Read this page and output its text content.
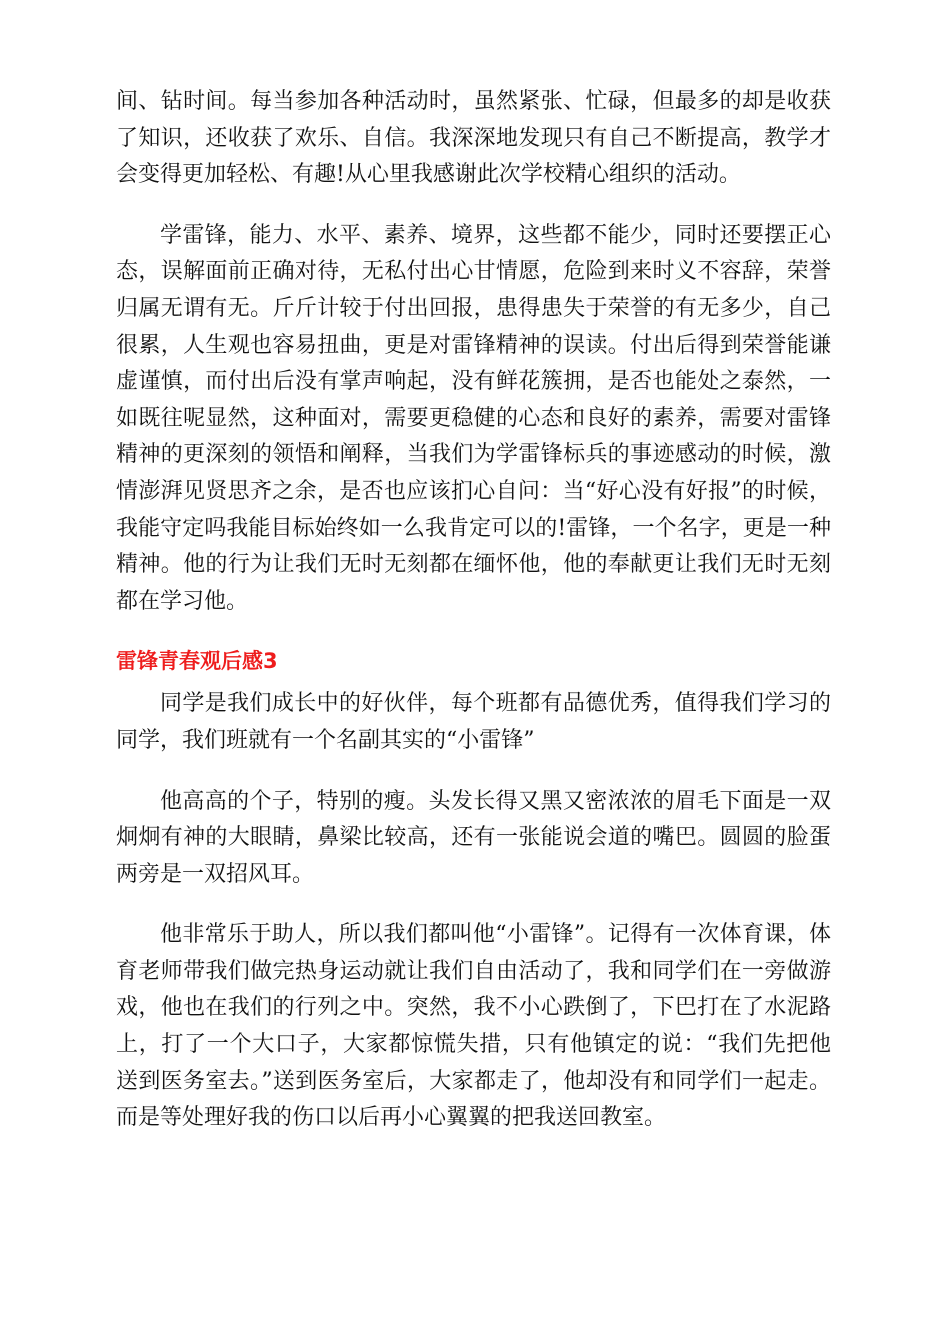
间、钻时间。每当参加各种活动时，虽然紧张、忙碌，但最多的却是收获了知识，还收获了欢乐、自信。我深深地发现只有自己不断提高，教学才会变得更加轻松、有趣!从心里我感谢此次学校精心组织的活动。

学雷锋，能力、水平、素养、境界，这些都不能少，同时还要摆正心态，误解面前正确对待，无私付出心甘情愿，危险到来时义不容辞，荣誉归属无谓有无。斤斤计较于付出回报，患得患失于荣誉的有无多少，自己很累，人生观也容易扭曲，更是对雷锋精神的误读。付出后得到荣誉能谦虚谨慎，而付出后没有掌声响起，没有鲜花簇拥，是否也能处之泰然，一如既往呢显然，这种面对，需要更稳健的心态和良好的素养，需要对雷锋精神的更深刻的领悟和阐释，当我们为学雷锋标兵的事迹感动的时候，激情澎湃见贤思齐之余，是否也应该扪心自问：当“好心没有好报”的时候，我能守定吗我能目标始终如一么我肯定可以的!雷锋，一个名字，更是一种精神。他的行为让我们无时无刻都在缅怀他，他的奉献更让我们无时无刻都在学习他。

雷锋青春观后感3

同学是我们成长中的好伙伴，每个班都有品德优秀，值得我们学习的同学，我们班就有一个名副其实的“小雷锋”

他高高的个子，特别的瘦。头发长得又黑又密浓浓的眉毛下面是一双炯炯有神的大眼睛，鼻梁比较高，还有一张能说会道的嘴巴。圆圆的脸蛋两旁是一双招风耳。

他非常乐于助人，所以我们都叫他“小雷锋”。记得有一次体育课，体育老师带我们做完热身运动就让我们自由活动了，我和同学们在一旁做游戏，他也在我们的行列之中。突然，我不小心跌倒了，下巴打在了水泥路上，打了一个大口子，大家都惊慌失措，只有他镇定的说：“我们先把他送到医务室去。”送到医务室后，大家都走了，他却没有和同学们一起走。而是等处理好我的伤口以后再小心翼翼的把我送回教室。
